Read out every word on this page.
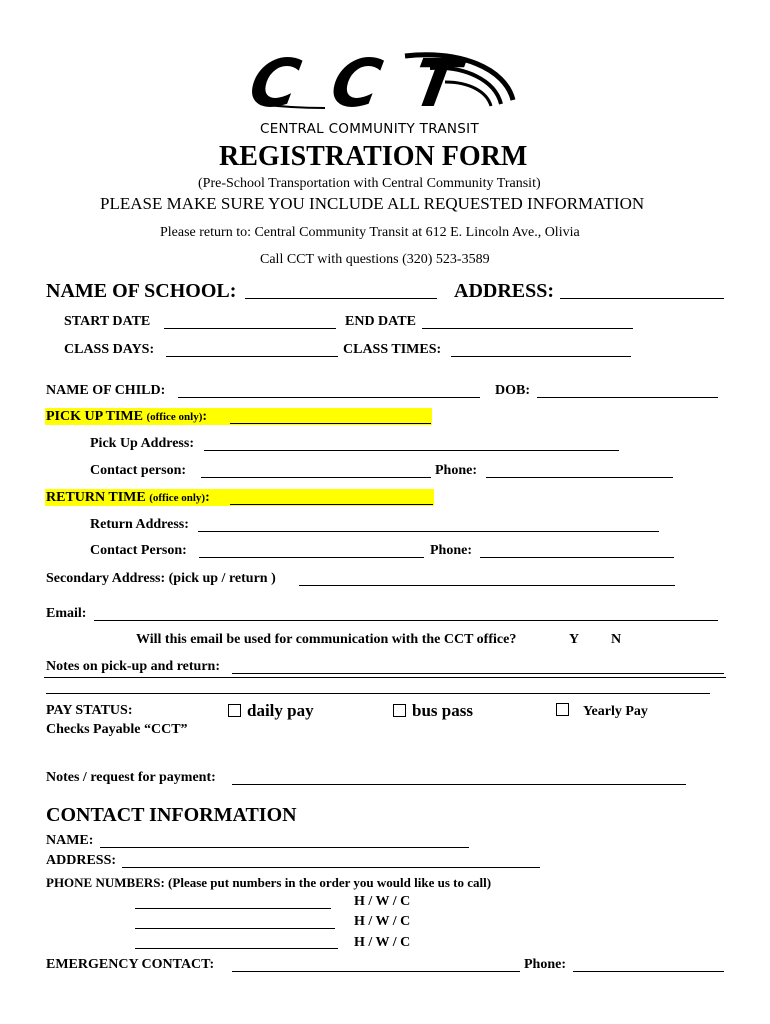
CCT
CENTRAL COMMUNITY TRANSIT
REGISTRATION FORM
(Pre-School Transportation with Central Community Transit)
PLEASE MAKE SURE YOU INCLUDE ALL REQUESTED INFORMATION
Please return to: Central Community Transit at 612 E. Lincoln Ave., Olivia
Call CCT with questions (320) 523-3589
NAME OF SCHOOL:	ADDRESS:
START DATE	END DATE
CLASS DAYS:	CLASS TIMES:
NAME OF CHILD:	DOB:
PICK UP TIME (office only):
Pick Up Address:
Contact person:	Phone:
RETURN TIME (office only):
Return Address:
Contact Person:	Phone:
Secondary Address: (pick up / return )
Email:
Will this email be used for communication with the CCT office?	Y N
Notes on pick-up and return:
PAY STATUS:
Checks Payable “CCT”
daily pay	bus pass	Yearly Pay
Notes / request for payment:
CONTACT INFORMATION
NAME:
ADDRESS:
PHONE NUMBERS: (Please put numbers in the order you would like us to call)
H / W / C
H / W / C
H / W / C
EMERGENCY CONTACT:	Phone:
